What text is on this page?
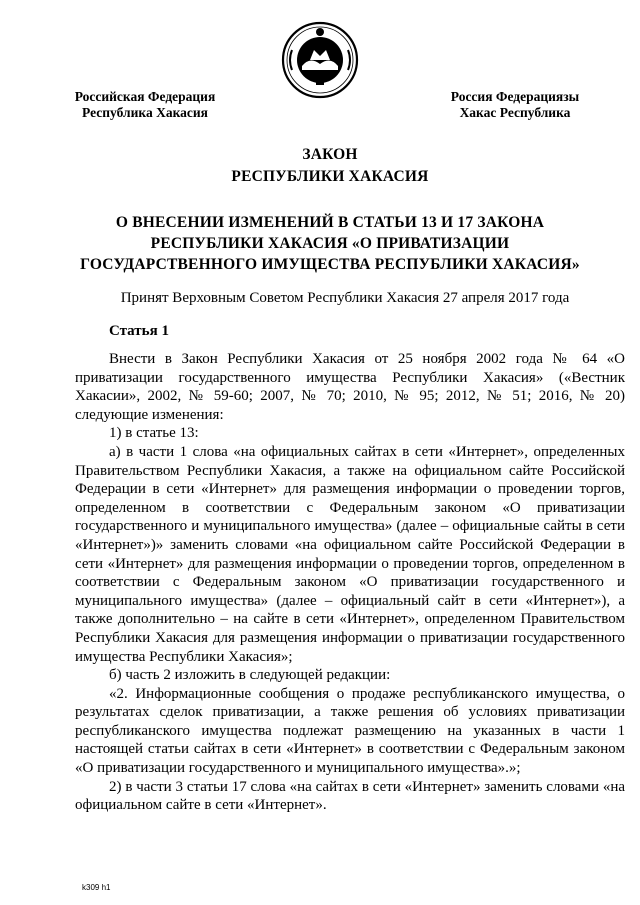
Российская Федерация
Республика Хакасия
Россия Федерациязы
Хакас Республика
ЗАКОН
РЕСПУБЛИКИ ХАКАСИЯ
О ВНЕСЕНИИ ИЗМЕНЕНИЙ В СТАТЬИ 13 И 17 ЗАКОНА
РЕСПУБЛИКИ ХАКАСИЯ «О ПРИВАТИЗАЦИИ
ГОСУДАРСТВЕННОГО ИМУЩЕСТВА РЕСПУБЛИКИ ХАКАСИЯ»
Принят Верховным Советом Республики Хакасия 27 апреля 2017 года
Статья 1

Внести в Закон Республики Хакасия от 25 ноября 2002 года № 64 «О приватизации государственного имущества Республики Хакасия» («Вестник Хакасии», 2002, № 59-60; 2007, № 70; 2010, № 95; 2012, № 51; 2016, № 20) следующие изменения:

1) в статье 13:

а) в части 1 слова «на официальных сайтах в сети «Интернет», определенных Правительством Республики Хакасия, а также на официальном сайте Российской Федерации в сети «Интернет» для размещения информации о проведении торгов, определенном в соответствии с Федеральным законом «О приватизации государственного и муниципального имущества» (далее – официальные сайты в сети «Интернет»)» заменить словами «на официальном сайте Российской Федерации в сети «Интернет» для размещения информации о проведении торгов, определенном в соответствии с Федеральным законом «О приватизации государственного и муниципального имущества» (далее – официальный сайт в сети «Интернет»), а также дополнительно – на сайте в сети «Интернет», определенном Правительством Республики Хакасия для размещения информации о приватизации государственного имущества Республики Хакасия»;

б) часть 2 изложить в следующей редакции:

«2. Информационные сообщения о продаже республиканского имущества, о результатах сделок приватизации, а также решения об условиях приватизации республиканского имущества подлежат размещению на указанных в части 1 настоящей статьи сайтах в сети «Интернет» в соответствии с Федеральным законом «О приватизации государственного и муниципального имущества».»;

2) в части 3 статьи 17 слова «на сайтах в сети «Интернет» заменить словами «на официальном сайте в сети «Интернет».

k309 h1
